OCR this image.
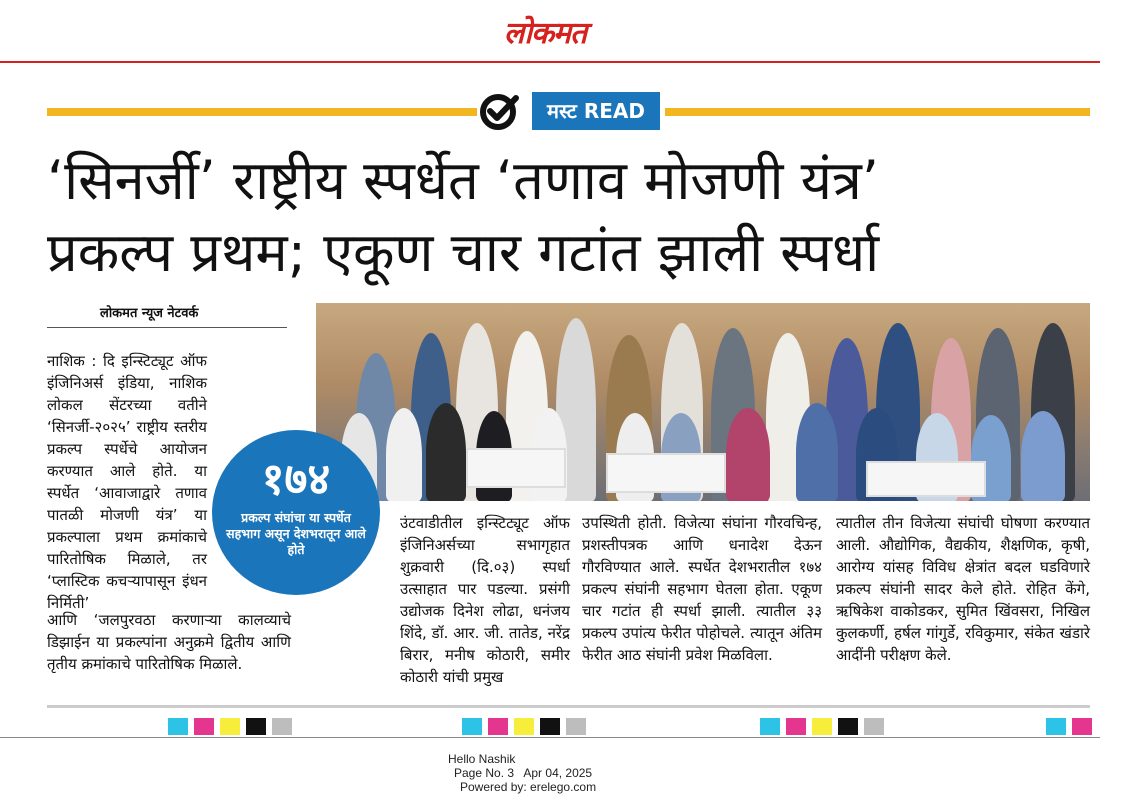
लोकमत
मस्ट READ
‘सिनर्जी’ राष्ट्रीय स्पर्धेत ‘तणाव मोजणी यंत्र’
प्रकल्प प्रथम; एकूण चार गटांत झाली स्पर्धा
लोकमत न्यूज नेटवर्क
नाशिक : दि इन्स्टिट्यूट ऑफ इंजिनिअर्स इंडिया, नाशिक लोकल सेंटरच्या वतीने ‘सिनर्जी-२०२५’ राष्ट्रीय स्तरीय प्रकल्प स्पर्धेचे आयोजन करण्यात आले होते. या स्पर्धेत ‘आवाजाद्वारे तणाव पातळी मोजणी यंत्र’ या प्रकल्पाला प्रथम क्रमांकाचे पारितोषिक मिळाले, तर ‘प्लास्टिक कचऱ्यापासून इंधन निर्मिती’
आणि ‘जलपुरवठा करणाऱ्या कालव्याचे डिझाईन या प्रकल्पांना अनुक्रमे द्वितीय आणि तृतीय क्रमांकाचे पारितोषिक मिळाले.
उंटवाडीतील इन्स्टिट्यूट ऑफ इंजिनिअर्सच्या सभागृहात शुक्रवारी (दि.०३) स्पर्धा उत्साहात पार पडल्या. प्रसंगी उद्योजक दिनेश लोढा, धनंजय शिंदे, डॉ. आर. जी. तातेड, नरेंद्र बिरार, मनीष कोठारी, समीर कोठारी यांची प्रमुख
उपस्थिती होती. विजेत्या संघांना गौरवचिन्ह, प्रशस्तीपत्रक आणि धनादेश देऊन गौरविण्यात आले. स्पर्धेत देशभरातील १७४ प्रकल्प संघांनी सहभाग घेतला होता. एकूण चार गटांत ही स्पर्धा झाली. त्यातील ३३ प्रकल्प उपांत्य फेरीत पोहोचले. त्यातून अंतिम फेरीत आठ संघांनी प्रवेश मिळविला.
त्यातील तीन विजेत्या संघांची घोषणा करण्यात आली. औद्योगिक, वैद्यकीय, शैक्षणिक, कृषी, आरोग्य यांसह विविध क्षेत्रांत बदल घडविणारे प्रकल्प संघांनी सादर केले होते. रोहित केंगे, ऋषिकेश वाकोडकर, सुमित खिंवसरा, निखिल कुलकर्णी, हर्षल गांगुर्डे, रविकुमार, संकेत खंडारे आदींनी परीक्षण केले.
१७४
प्रकल्प संघांचा या स्पर्धेत सहभाग असून देशभरातून आले होते
Hello Nashik
Page No. 3   Apr 04, 2025
Powered by: erelego.com
